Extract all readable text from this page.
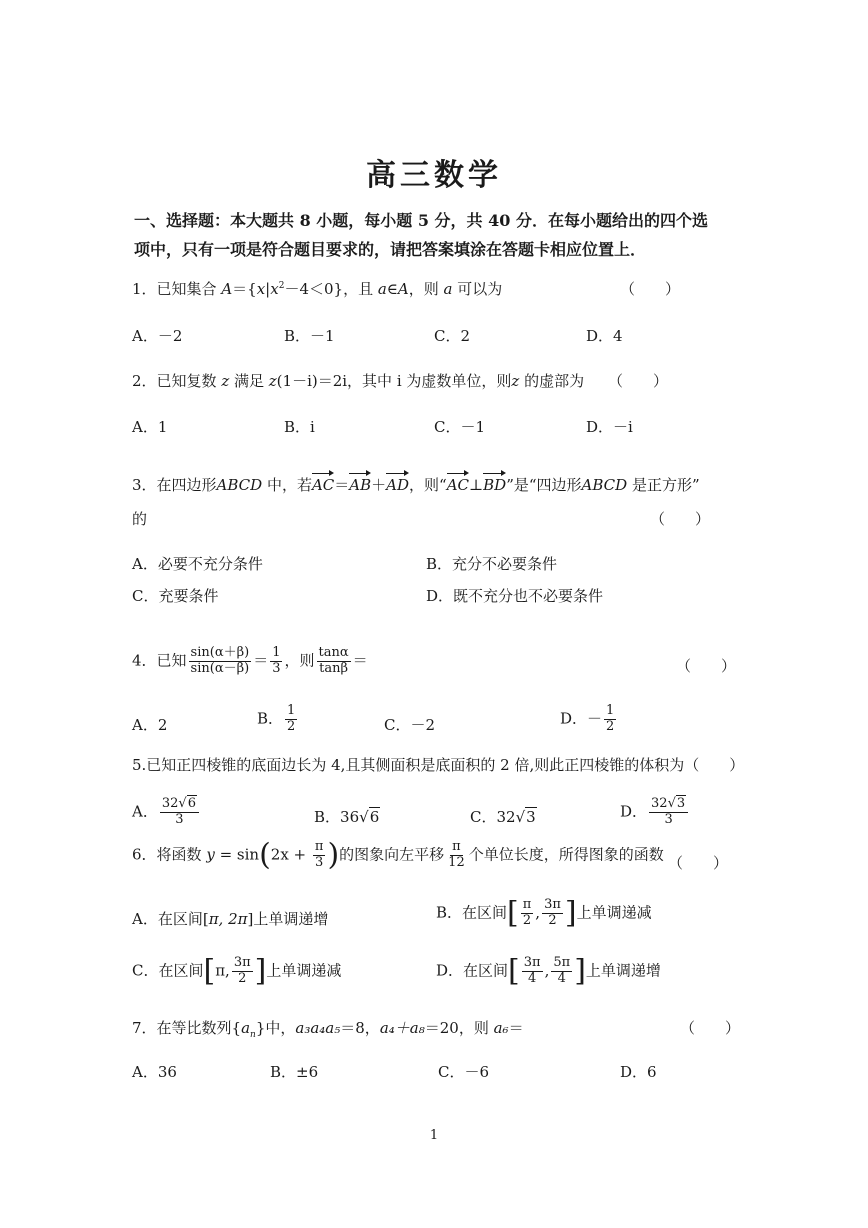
高三数学
一、选择题：本大题共 8 小题，每小题 5 分，共 40 分．在每小题给出的四个选
项中，只有一项是符合题目要求的，请把答案填涂在答题卡相应位置上．
1．已知集合 $A=\{x|x^2-4<0\}$，且 a∈A，则 a 可以为	（　　）
A．－2	B．－1	C．2	D．4
2．已知复数 z 满足 z(1－i)＝2i，其中 i 为虚数单位，则z 的虚部为 （　　）
A．1	B．i	C．－1	D．－i
3．在四边形ABCD 中，若AC＝AB＋AD，则“AC⊥BD”是“四边形ABCD 是正方形”
的	（　　）
A．必要不充分条件	B．充分不必要条件
C．充要条件	D．既不充分也不必要条件
4．已知 $\frac{\sin(\alpha+\beta)}{\sin(\alpha-\beta)} = \frac{1}{3}$ ，则 $\frac{\tan\alpha}{\tan\beta}$ ＝	（　　）
A．2	B． $\frac{1}{2}$	C．－2	D．－ $\frac{1}{2}$
5.已知正四棱锥的底面边长为 4,且其侧面积是底面积的 2 倍,则此正四棱锥的体积为（　　）
A． $\frac{32√6}{3}$	B．36√6	C．32√3	D． $\frac{32√3}{3}$
6．将函数 $y = \sin(2x + \frac{\pi}{3}$ )的图象向左平移 $\frac{\pi}{12}$ 个单位长度，所得图象的函数 （　　）
A．在区间[π, 2π]上单调递增	B．在区间[ $\frac{\pi}{2}$ , $\frac{3\pi}{2}$ ]上单调递减
C．在区间[π, $\frac{3\pi}{2}$ ]上单调递减	D．在区间[ $\frac{3\pi}{4}$ , $\frac{5\pi}{4}$ ]上单调递增
7．在等比数列$\{a_n\}$中，a₃a₄a₅＝8，a₄＋a₈＝20，则 a₆＝	（　　）
A．36	B．±6	C．－6	D．6
1
